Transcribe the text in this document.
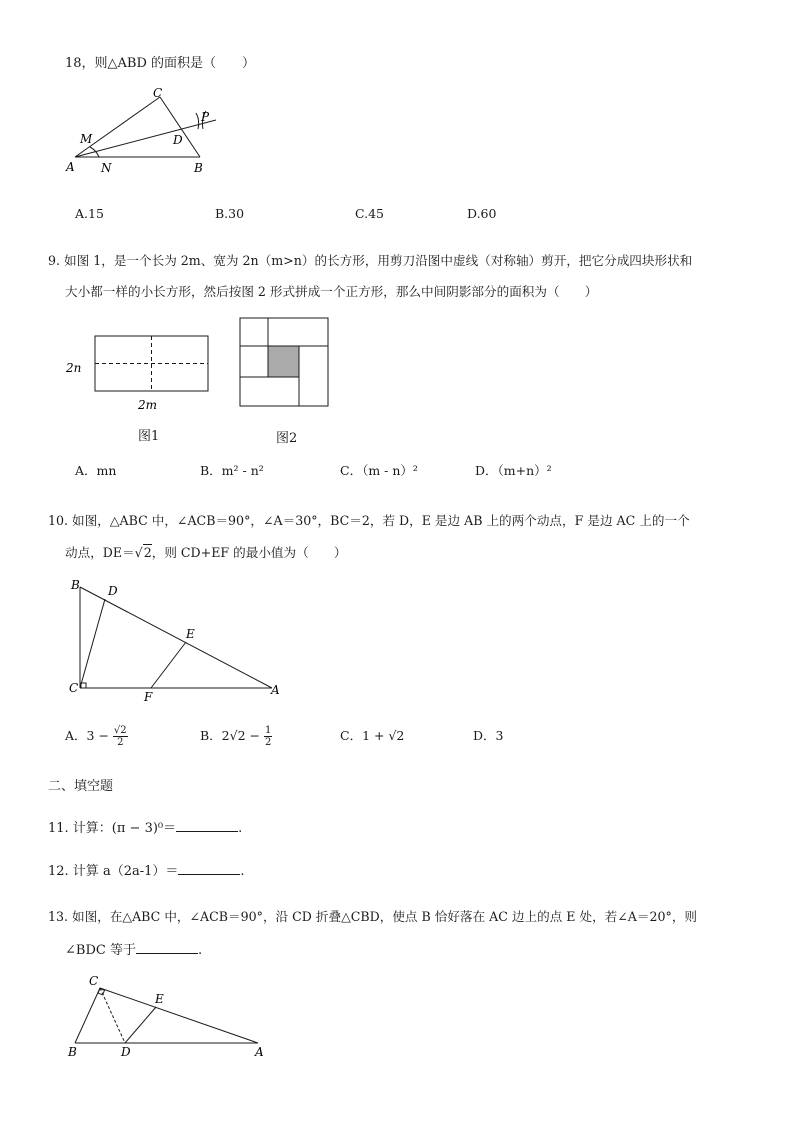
18，则△ABD 的面积是（　　）
A N	B
C
M	D
P
A.15	B.30	C.45	D.60
9. 如图 1，是一个长为 2m、宽为 2n（m>n）的长方形，用剪刀沿图中虚线（对称轴）剪开，把它分成四块形状和
大小都一样的小长方形，然后按图 2 形式拼成一个正方形，那么中间阴影部分的面积为（　　）
2n
2m
图1	图2
A．mn	B．m² - n²	C．（m - n）²	D．（m+n）²
10. 如图，△ABC 中，∠ACB＝90°，∠A＝30°，BC＝2，若 D，E 是边 AB 上的两个动点，F 是边 AC 上的一个
动点，DE＝√2，则 CD+EF 的最小值为（　　）
B D
E
C
F	A
A．$3 - \frac{√2}{2}$	B．$2√2 - \frac{1}{2}$	C．1 + √2	D．3
二、填空题
11. 计算：(π − 3)⁰＝	.
12. 计算 a（2a-1）＝	.
13. 如图，在△ABC 中，∠ACB＝90°，沿 CD 折叠△CBD，使点 B 恰好落在 AC 边上的点 E 处，若∠A＝20°，则
∠BDC 等于	.
C
E
B	D	A
